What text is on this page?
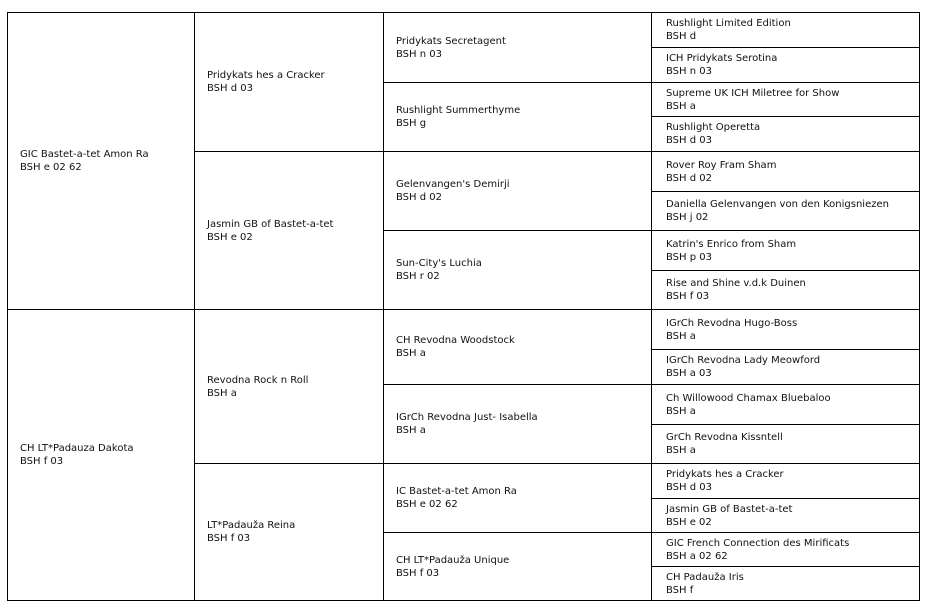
GIC Bastet-a-tet Amon Ra
BSH e 02 62
CH LT*Padauza Dakota
BSH f 03
Pridykats hes a Cracker
BSH d 03
Jasmin GB of Bastet-a-tet
BSH e 02
Revodna Rock n Roll
BSH a
LT*Padauža Reina
BSH f 03
Pridykats Secretagent
BSH n 03
Rushlight Summerthyme
BSH g
Gelenvangen's Demirji
BSH d 02
Sun-City's Luchia
BSH r 02
CH Revodna Woodstock
BSH a
IGrCh Revodna Just- Isabella
BSH a
IC Bastet-a-tet Amon Ra
BSH e 02 62
CH LT*Padauža Unique
BSH f 03
Rushlight Limited Edition
BSH d
ICH Pridykats Serotina
BSH n 03
Supreme UK ICH Miletree for Show
BSH a
Rushlight Operetta
BSH d 03
Rover Roy Fram Sham
BSH d 02
Daniella Gelenvangen von den Konigsniezen
BSH j 02
Katrin's Enrico from Sham
BSH p 03
Rise and Shine v.d.k Duinen
BSH f 03
IGrCh Revodna Hugo-Boss
BSH a
IGrCh Revodna Lady Meowford
BSH a 03
Ch Willowood Chamax Bluebaloo
BSH a
GrCh Revodna Kissntell
BSH a
Pridykats hes a Cracker
BSH d 03
Jasmin GB of Bastet-a-tet
BSH e 02
GIC French Connection des Mirificats
BSH a 02 62
CH Padauža Iris
BSH f
